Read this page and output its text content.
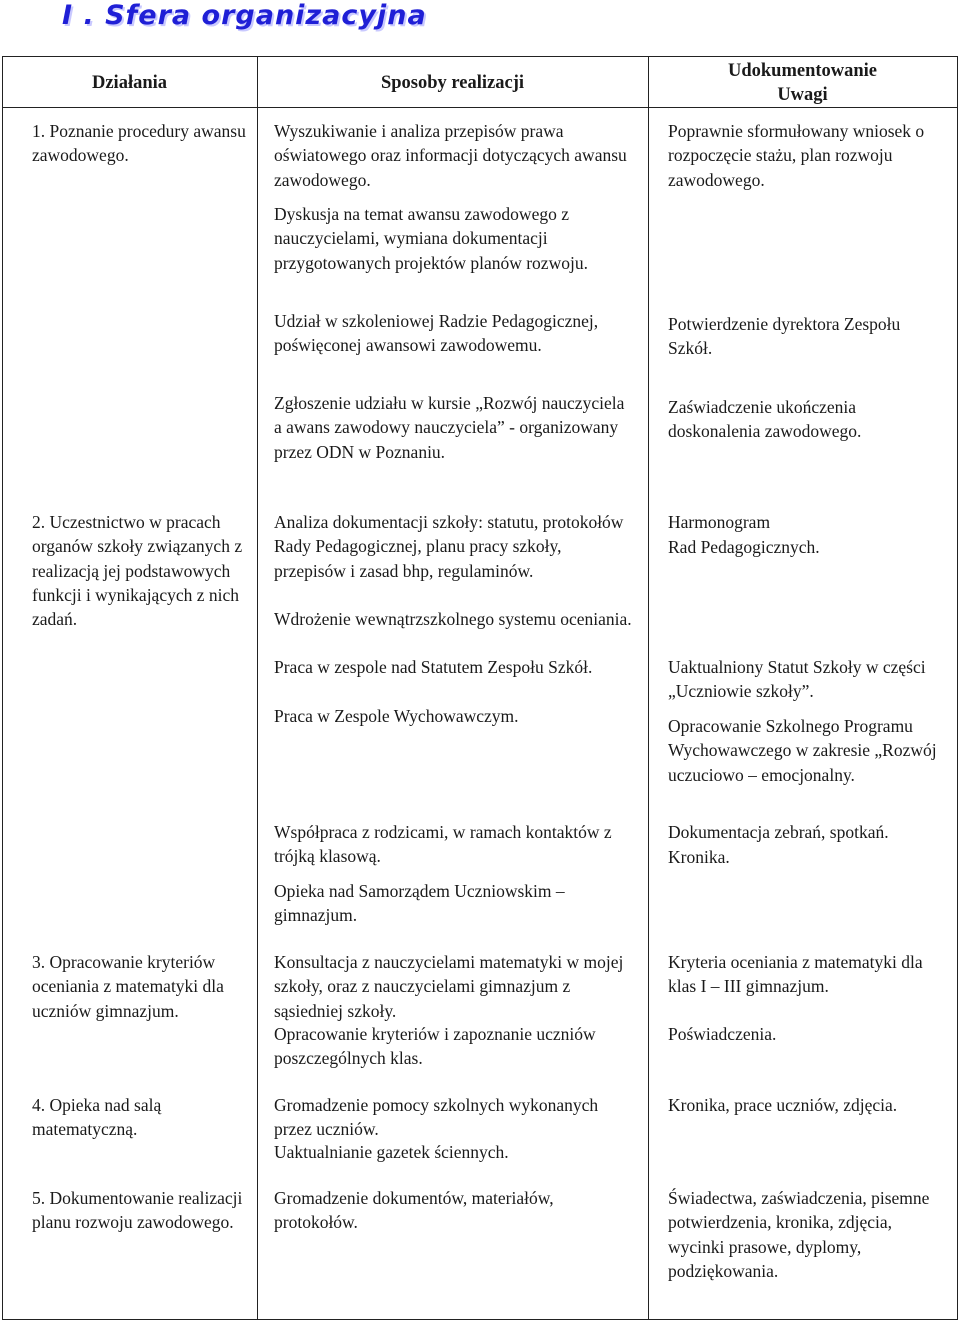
I . Sfera organizacyjna
Działania	Sposoby realizacji
Udokumentowanie
Uwagi
1. Poznanie procedury awansu zawodowego.
2. Uczestnictwo w pracach organów szkoły związanych z realizacją jej podstawowych funkcji i wynikających z nich zadań.
3. Opracowanie kryteriów oceniania z matematyki dla uczniów gimnazjum.
4. Opieka nad salą matematyczną.
5. Dokumentowanie realizacji planu rozwoju zawodowego.
Wyszukiwanie i analiza przepisów prawa oświatowego oraz informacji dotyczących awansu zawodowego.
Dyskusja na temat awansu zawodowego z nauczycielami, wymiana dokumentacji przygotowanych projektów planów rozwoju.
Udział w szkoleniowej Radzie Pedagogicznej, poświęconej awansowi zawodowemu.
Zgłoszenie udziału w kursie „Rozwój nauczyciela a awans zawodowy nauczyciela” - organizowany przez ODN w Poznaniu.
Analiza dokumentacji szkoły: statutu, protokołów Rady Pedagogicznej, planu pracy szkoły, przepisów i zasad bhp, regulaminów.
Wdrożenie wewnątrzszkolnego systemu oceniania.
Praca w zespole nad Statutem Zespołu Szkół.
Praca w Zespole Wychowawczym.
Współpraca z rodzicami, w ramach kontaktów z trójką klasową.
Opieka nad Samorządem Uczniowskim – gimnazjum.
Konsultacja z nauczycielami matematyki w mojej szkoły, oraz z nauczycielami gimnazjum z sąsiedniej szkoły.
Opracowanie kryteriów i zapoznanie uczniów poszczególnych klas.
Gromadzenie pomocy szkolnych wykonanych przez uczniów.
Uaktualnianie gazetek ściennych.
Gromadzenie dokumentów, materiałów, protokołów.
Poprawnie sformułowany wniosek o rozpoczęcie stażu, plan rozwoju zawodowego.
Potwierdzenie dyrektora Zespołu Szkół.
Zaświadczenie ukończenia doskonalenia zawodowego.
Harmonogram
Rad Pedagogicznych.
Uaktualniony Statut Szkoły w części „Uczniowie szkoły”.
Opracowanie Szkolnego Programu Wychowawczego w zakresie „Rozwój uczuciowo – emocjonalny.
Dokumentacja zebrań, spotkań.
Kronika.
Kryteria oceniania z matematyki dla klas I – III gimnazjum.
Poświadczenia.
Kronika, prace uczniów, zdjęcia.
Świadectwa, zaświadczenia, pisemne potwierdzenia, kronika, zdjęcia, wycinki prasowe, dyplomy, podziękowania.
